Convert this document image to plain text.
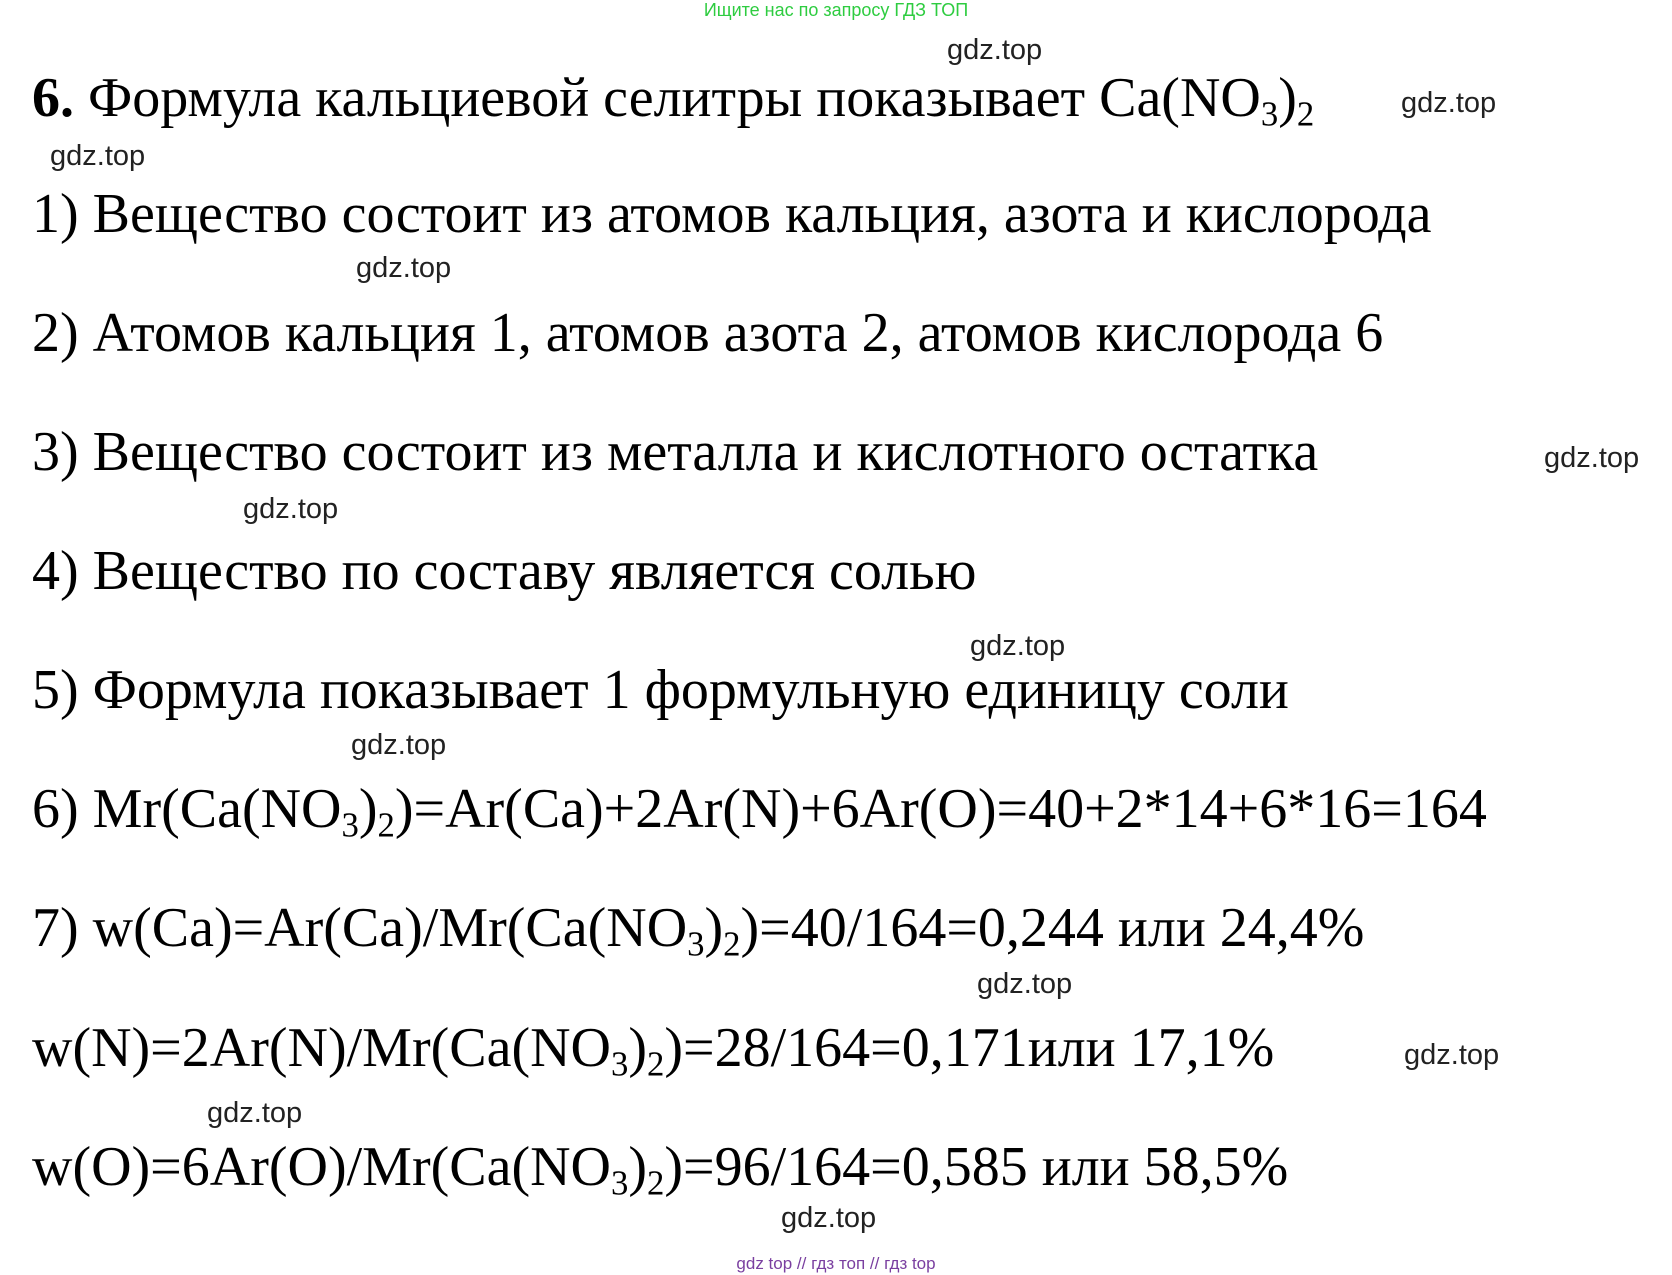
Ищите нас по запросу ГДЗ ТОП
gdz.top
gdz.top
gdz.top
gdz.top
gdz.top
gdz.top
gdz.top
gdz.top
gdz.top
gdz.top
gdz.top
gdz.top
6. Формула кальциевой селитры показывает $Ca(NO_3)_2$
1) Вещество состоит из атомов кальция, азота и кислорода
2) Атомов кальция 1, атомов азота 2, атомов кислорода 6
3) Вещество состоит из металла и кислотного остатка
4) Вещество по составу является солью
5) Формула показывает 1 формульную единицу соли
6) $Mr(Ca(NO_3)_2)=Ar(Ca)+2Ar(N)+6Ar(O)=40+2*14+6*16=164$
7) $w(Ca)=Ar(Ca)/Mr(Ca(NO_3)_2)=40/164=0,244$ или 24,4%
$w(N)=2Ar(N)/Mr(Ca(NO_3)_2)=28/164=0,171или$ 17,1%
$w(O)=6Ar(O)/Mr(Ca(NO_3)_2)=96/164=0,585$ или 58,5%
gdz top // гдз топ // гдз top
